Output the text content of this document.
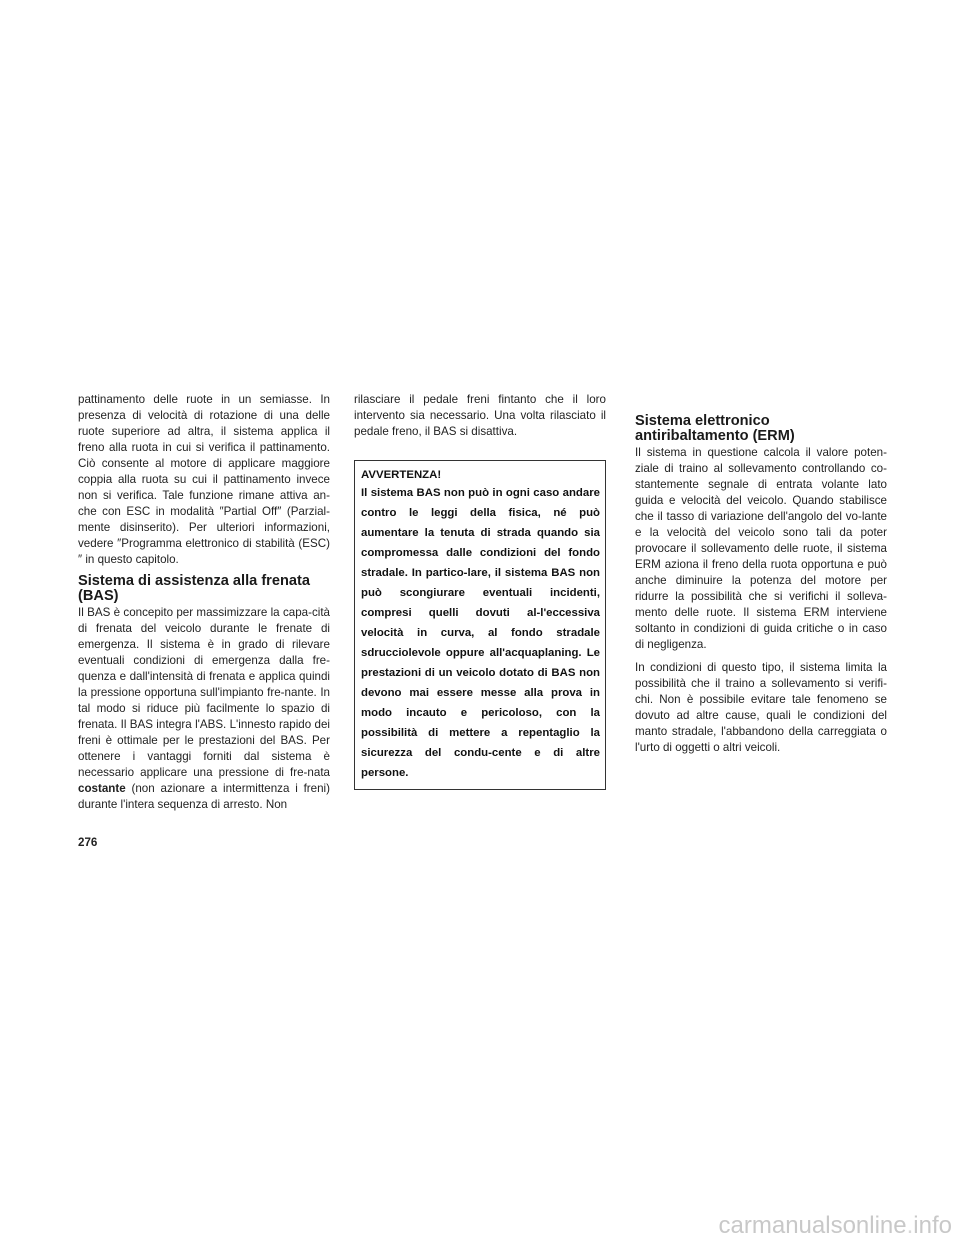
pattinamento delle ruote in un semiasse. In presenza di velocità di rotazione di una delle ruote superiore ad altra, il sistema applica il freno alla ruota in cui si verifica il pattinamento. Ciò consente al motore di applicare maggiore coppia alla ruota su cui il pattinamento invece non si verifica. Tale funzione rimane attiva an-che con ESC in modalità ″Partial Off″ (Parzial-mente disinserito). Per ulteriori informazioni, vedere ″Programma elettronico di stabilità (ESC)″ in questo capitolo.

Sistema di assistenza alla frenata (BAS)

Il BAS è concepito per massimizzare la capa-cità di frenata del veicolo durante le frenate di emergenza. Il sistema è in grado di rilevare eventuali condizioni di emergenza dalla fre-quenza e dall'intensità di frenata e applica quindi la pressione opportuna sull'impianto fre-nante. In tal modo si riduce più facilmente lo spazio di frenata. Il BAS integra l'ABS. L'innesto rapido dei freni è ottimale per le prestazioni del BAS. Per ottenere i vantaggi forniti dal sistema è necessario applicare una pressione di fre-nata costante (non azionare a intermittenza i freni) durante l'intera sequenza di arresto. Non

rilasciare il pedale freni fintanto che il loro intervento sia necessario. Una volta rilasciato il pedale freno, il BAS si disattiva.

AVVERTENZA!
Il sistema BAS non può in ogni caso andare contro le leggi della fisica, né può aumentare la tenuta di strada quando sia compromessa dalle condizioni del fondo stradale. In partico-lare, il sistema BAS non può scongiurare eventuali incidenti, compresi quelli dovuti al-l'eccessiva velocità in curva, al fondo stradale sdrucciolevole oppure all'acquaplaning. Le prestazioni di un veicolo dotato di BAS non devono mai essere messe alla prova in modo incauto e pericoloso, con la possibilità di mettere a repentaglio la sicurezza del condu-cente e di altre persone.
Sistema elettronico antiribaltamento (ERM)

Il sistema in questione calcola il valore poten-ziale di traino al sollevamento controllando co-stantemente segnale di entrata volante lato guida e velocità del veicolo. Quando stabilisce che il tasso di variazione dell'angolo del vo-lante e la velocità del veicolo sono tali da poter provocare il sollevamento delle ruote, il sistema ERM aziona il freno della ruota opportuna e può anche diminuire la potenza del motore per ridurre la possibilità che si verifichi il solleva-mento delle ruote. Il sistema ERM interviene soltanto in condizioni di guida critiche o in caso di negligenza.

In condizioni di questo tipo, il sistema limita la possibilità che il traino a sollevamento si verifi-chi. Non è possibile evitare tale fenomeno se dovuto ad altre cause, quali le condizioni del manto stradale, l'abbandono della carreggiata o l'urto di oggetti o altri veicoli.

276
carmanualsonline.info
